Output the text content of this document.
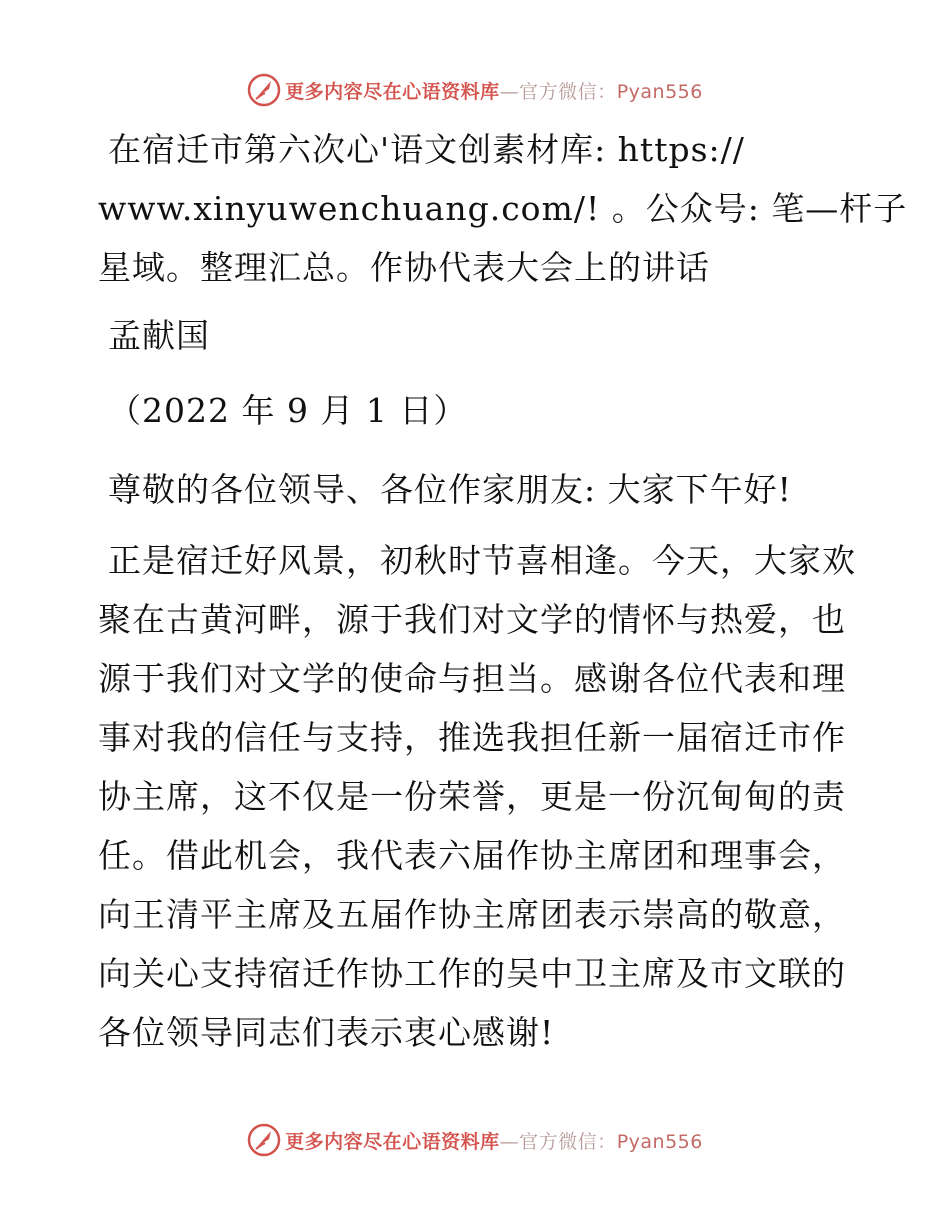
更多内容尽在心语资料库—官方微信：Pyan556
在宿迁市第六次心'语文创素材库: https://
www.xinyuwenchuang.com/! 。公众号: 笔—杆子
星域。整理汇总。作协代表大会上的讲话
孟献国
（2022 年 9 月 1 日）
尊敬的各位领导、各位作家朋友: 大家下午好!

正是宿迁好风景，初秋时节喜相逢。今天，大家欢聚在古黄河畔，源于我们对文学的情怀与热爱，也源于我们对文学的使命与担当。感谢各位代表和理事对我的信任与支持，推选我担任新一届宿迁市作协主席，这不仅是一份荣誉，更是一份沉甸甸的责任。借此机会，我代表六届作协主席团和理事会，向王清平主席及五届作协主席团表示崇高的敬意，向关心支持宿迁作协工作的吴中卫主席及市文联的各位领导同志们表示衷心感谢!

更多内容尽在心语资料库—官方微信：Pyan556
